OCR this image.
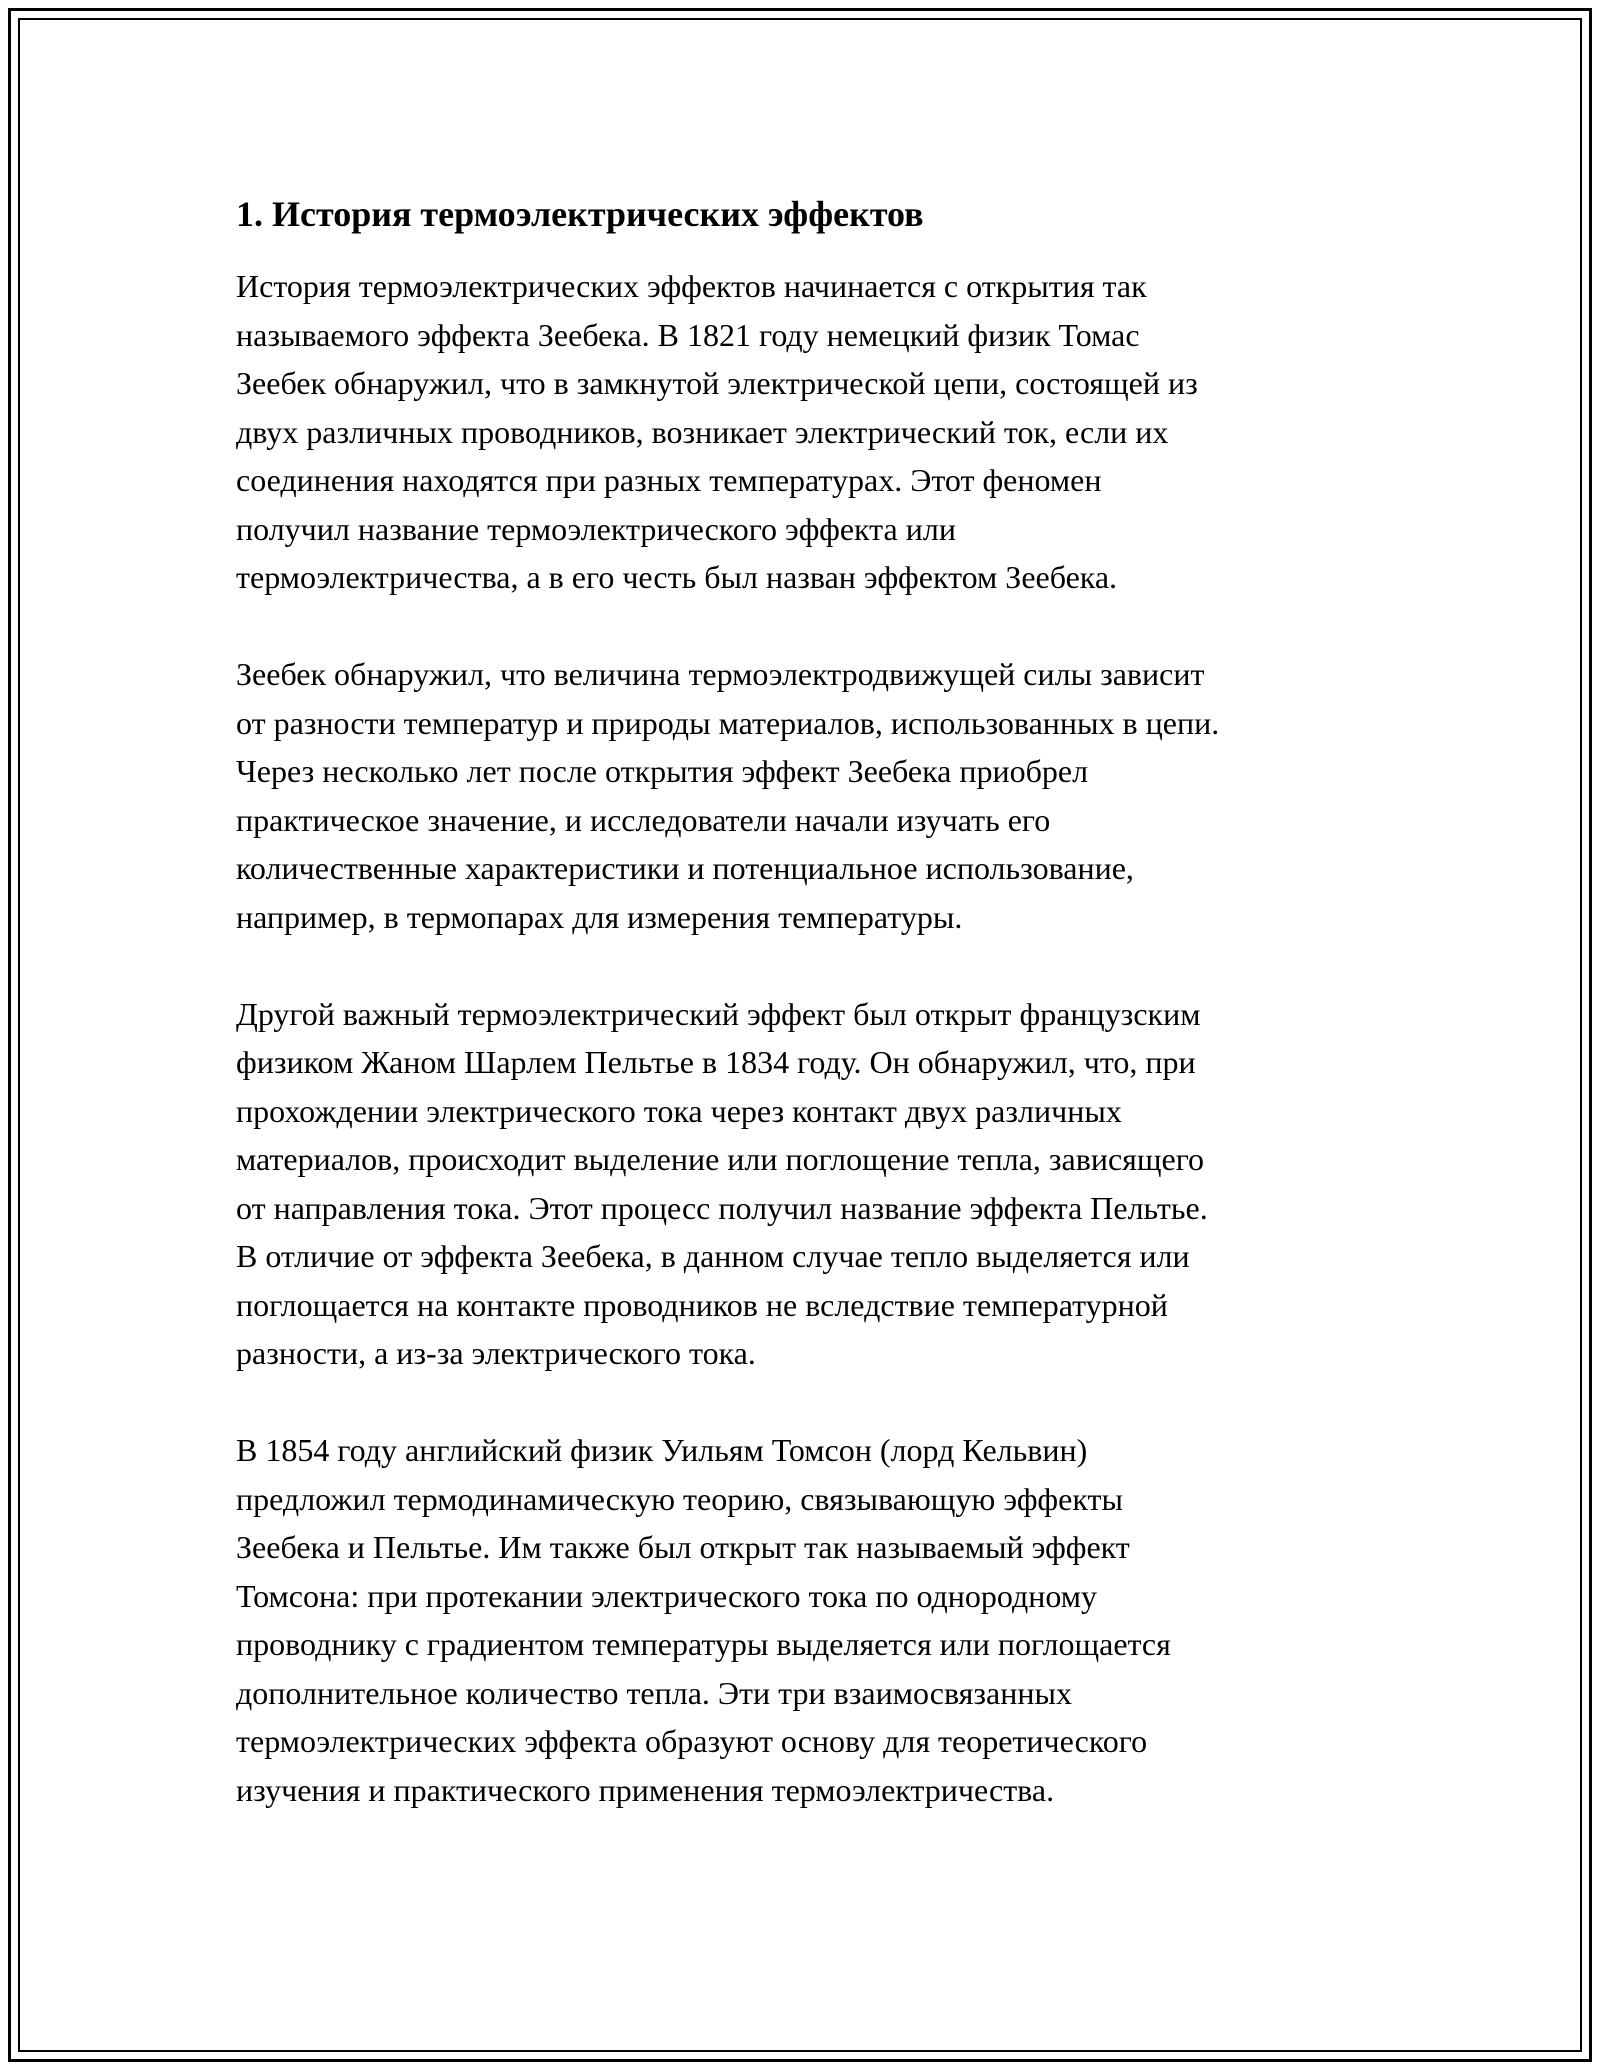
1. История термоэлектрических эффектов

История термоэлектрических эффектов начинается с открытия так
называемого эффекта Зеебека. В 1821 году немецкий физик Томас
Зеебек обнаружил, что в замкнутой электрической цепи, состоящей из
двух различных проводников, возникает электрический ток, если их
соединения находятся при разных температурах. Этот феномен
получил название термоэлектрического эффекта или
термоэлектричества, а в его честь был назван эффектом Зеебека.

Зеебек обнаружил, что величина термоэлектродвижущей силы зависит
от разности температур и природы материалов, использованных в цепи.
Через несколько лет после открытия эффект Зеебека приобрел
практическое значение, и исследователи начали изучать его
количественные характеристики и потенциальное использование,
например, в термопарах для измерения температуры.

Другой важный термоэлектрический эффект был открыт французским
физиком Жаном Шарлем Пельтье в 1834 году. Он обнаружил, что, при
прохождении электрического тока через контакт двух различных
материалов, происходит выделение или поглощение тепла, зависящего
от направления тока. Этот процесс получил название эффекта Пельтье.
В отличие от эффекта Зеебека, в данном случае тепло выделяется или
поглощается на контакте проводников не вследствие температурной
разности, а из-за электрического тока.

В 1854 году английский физик Уильям Томсон (лорд Кельвин)
предложил термодинамическую теорию, связывающую эффекты
Зеебека и Пельтье. Им также был открыт так называемый эффект
Томсона: при протекании электрического тока по однородному
проводнику с градиентом температуры выделяется или поглощается
дополнительное количество тепла. Эти три взаимосвязанных
термоэлектрических эффекта образуют основу для теоретического
изучения и практического применения термоэлектричества.
